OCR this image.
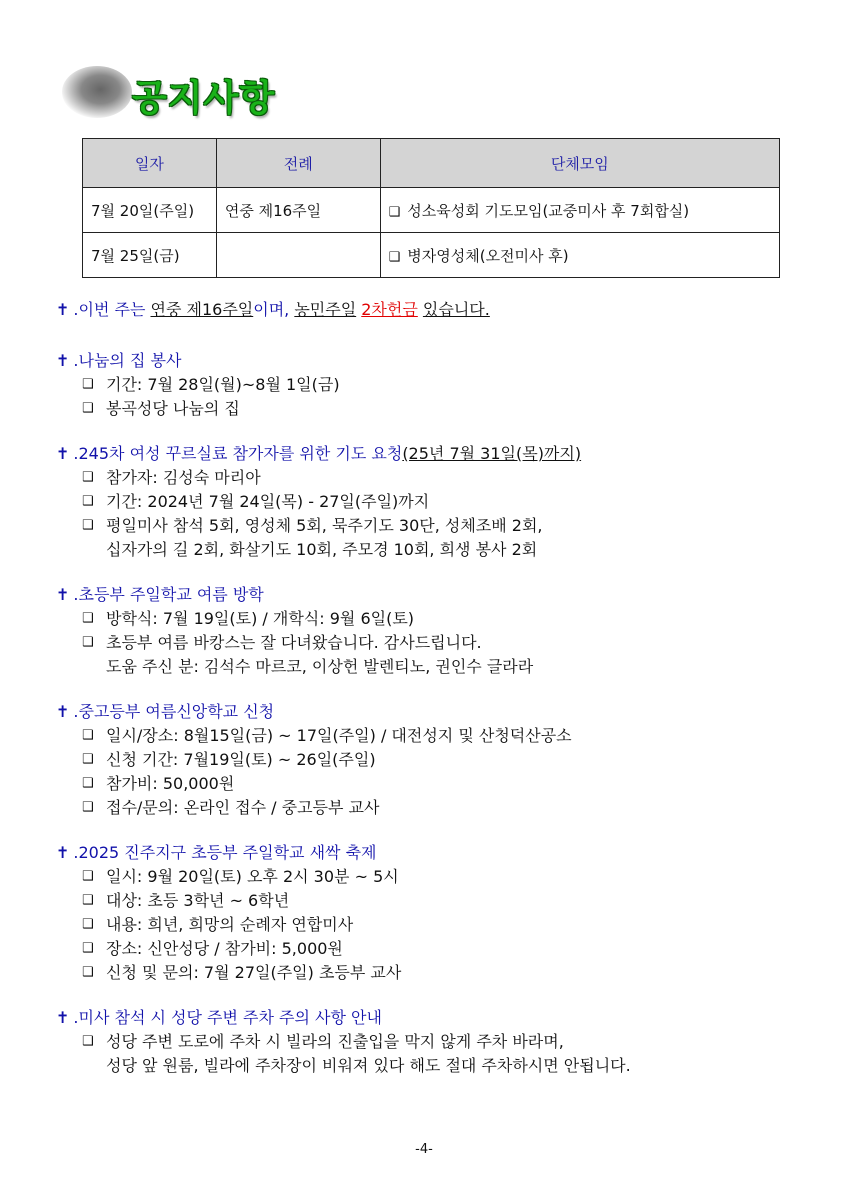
공지사항
일자	전례	단체모임
7월 20일(주일)	연중 제16주일	❑성소육성회 기도모임(교중미사 후 7회합실)
7월 25일(금)		❑병자영성체(오전미사 후)
✝ .이번 주는 연중 제16주일이며, 농민주일 2차헌금 있습니다.
✝ .나눔의 집 봉사
❑ 기간: 7월 28일(월)~8월 1일(금)
❑ 봉곡성당 나눔의 집
✝ .245차 여성 꾸르실료 참가자를 위한 기도 요청(25년 7월 31일(목)까지)
❑ 참가자: 김성숙 마리아
❑ 기간: 2024년 7월 24일(목) - 27일(주일)까지
❑ 평일미사 참석 5회, 영성체 5회, 묵주기도 30단, 성체조배 2회,
십자가의 길 2회, 화살기도 10회, 주모경 10회, 희생 봉사 2회
✝ .초등부 주일학교 여름 방학
❑ 방학식: 7월 19일(토) / 개학식: 9월 6일(토)
❑ 초등부 여름 바캉스는 잘 다녀왔습니다. 감사드립니다.
도움 주신 분: 김석수 마르코, 이상헌 발렌티노, 권인수 글라라
✝ .중고등부 여름신앙학교 신청
❑ 일시/장소: 8월15일(금) ~ 17일(주일) / 대전성지 및 산청덕산공소
❑ 신청 기간: 7월19일(토) ~ 26일(주일)
❑ 참가비: 50,000원
❑ 접수/문의: 온라인 접수 / 중고등부 교사
✝ .2025 진주지구 초등부 주일학교 새싹 축제
❑ 일시: 9월 20일(토) 오후 2시 30분 ~ 5시
❑ 대상: 초등 3학년 ~ 6학년
❑ 내용: 희년, 희망의 순례자 연합미사
❑ 장소: 신안성당 / 참가비: 5,000원
❑ 신청 및 문의: 7월 27일(주일) 초등부 교사
✝ .미사 참석 시 성당 주변 주차 주의 사항 안내
❑ 성당 주변 도로에 주차 시 빌라의 진출입을 막지 않게 주차 바라며,
성당 앞 원룸, 빌라에 주차장이 비워져 있다 해도 절대 주차하시면 안됩니다.
-4-
